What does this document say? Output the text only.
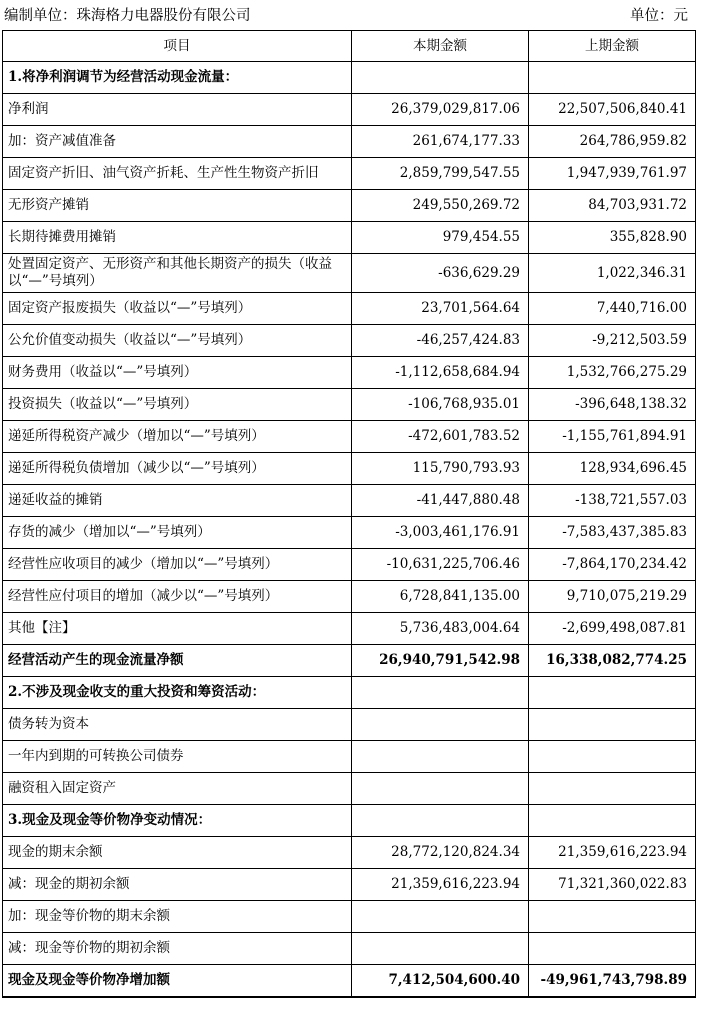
编制单位：珠海格力电器股份有限公司	单位：元
项目	本期金额	上期金额
1.将净利润调节为经营活动现金流量：		
净利润	26,379,029,817.06	22,507,506,840.41
加：资产减值准备	261,674,177.33	264,786,959.82
固定资产折旧、油气资产折耗、生产性生物资产折旧	2,859,799,547.55	1,947,939,761.97
无形资产摊销	249,550,269.72	84,703,931.72
长期待摊费用摊销	979,454.55	355,828.90
处置固定资产、无形资产和其他长期资产的损失（收益以“—”号填列）	-636,629.29	1,022,346.31
固定资产报废损失（收益以“—”号填列）	23,701,564.64	7,440,716.00
公允价值变动损失（收益以“—”号填列）	-46,257,424.83	-9,212,503.59
财务费用（收益以“—”号填列）	-1,112,658,684.94	1,532,766,275.29
投资损失（收益以“—”号填列）	-106,768,935.01	-396,648,138.32
递延所得税资产减少（增加以“—”号填列）	-472,601,783.52	-1,155,761,894.91
递延所得税负债增加（减少以“—”号填列）	115,790,793.93	128,934,696.45
递延收益的摊销	-41,447,880.48	-138,721,557.03
存货的减少（增加以“—”号填列）	-3,003,461,176.91	-7,583,437,385.83
经营性应收项目的减少（增加以“—”号填列）	-10,631,225,706.46	-7,864,170,234.42
经营性应付项目的增加（减少以“—”号填列）	6,728,841,135.00	9,710,075,219.29
其他【注】	5,736,483,004.64	-2,699,498,087.81
经营活动产生的现金流量净额	26,940,791,542.98	16,338,082,774.25
2.不涉及现金收支的重大投资和筹资活动：		
债务转为资本		
一年内到期的可转换公司债券		
融资租入固定资产		
3.现金及现金等价物净变动情况：		
现金的期末余额	28,772,120,824.34	21,359,616,223.94
减：现金的期初余额	21,359,616,223.94	71,321,360,022.83
加：现金等价物的期末余额		
减：现金等价物的期初余额		
现金及现金等价物净增加额	7,412,504,600.40	-49,961,743,798.89
